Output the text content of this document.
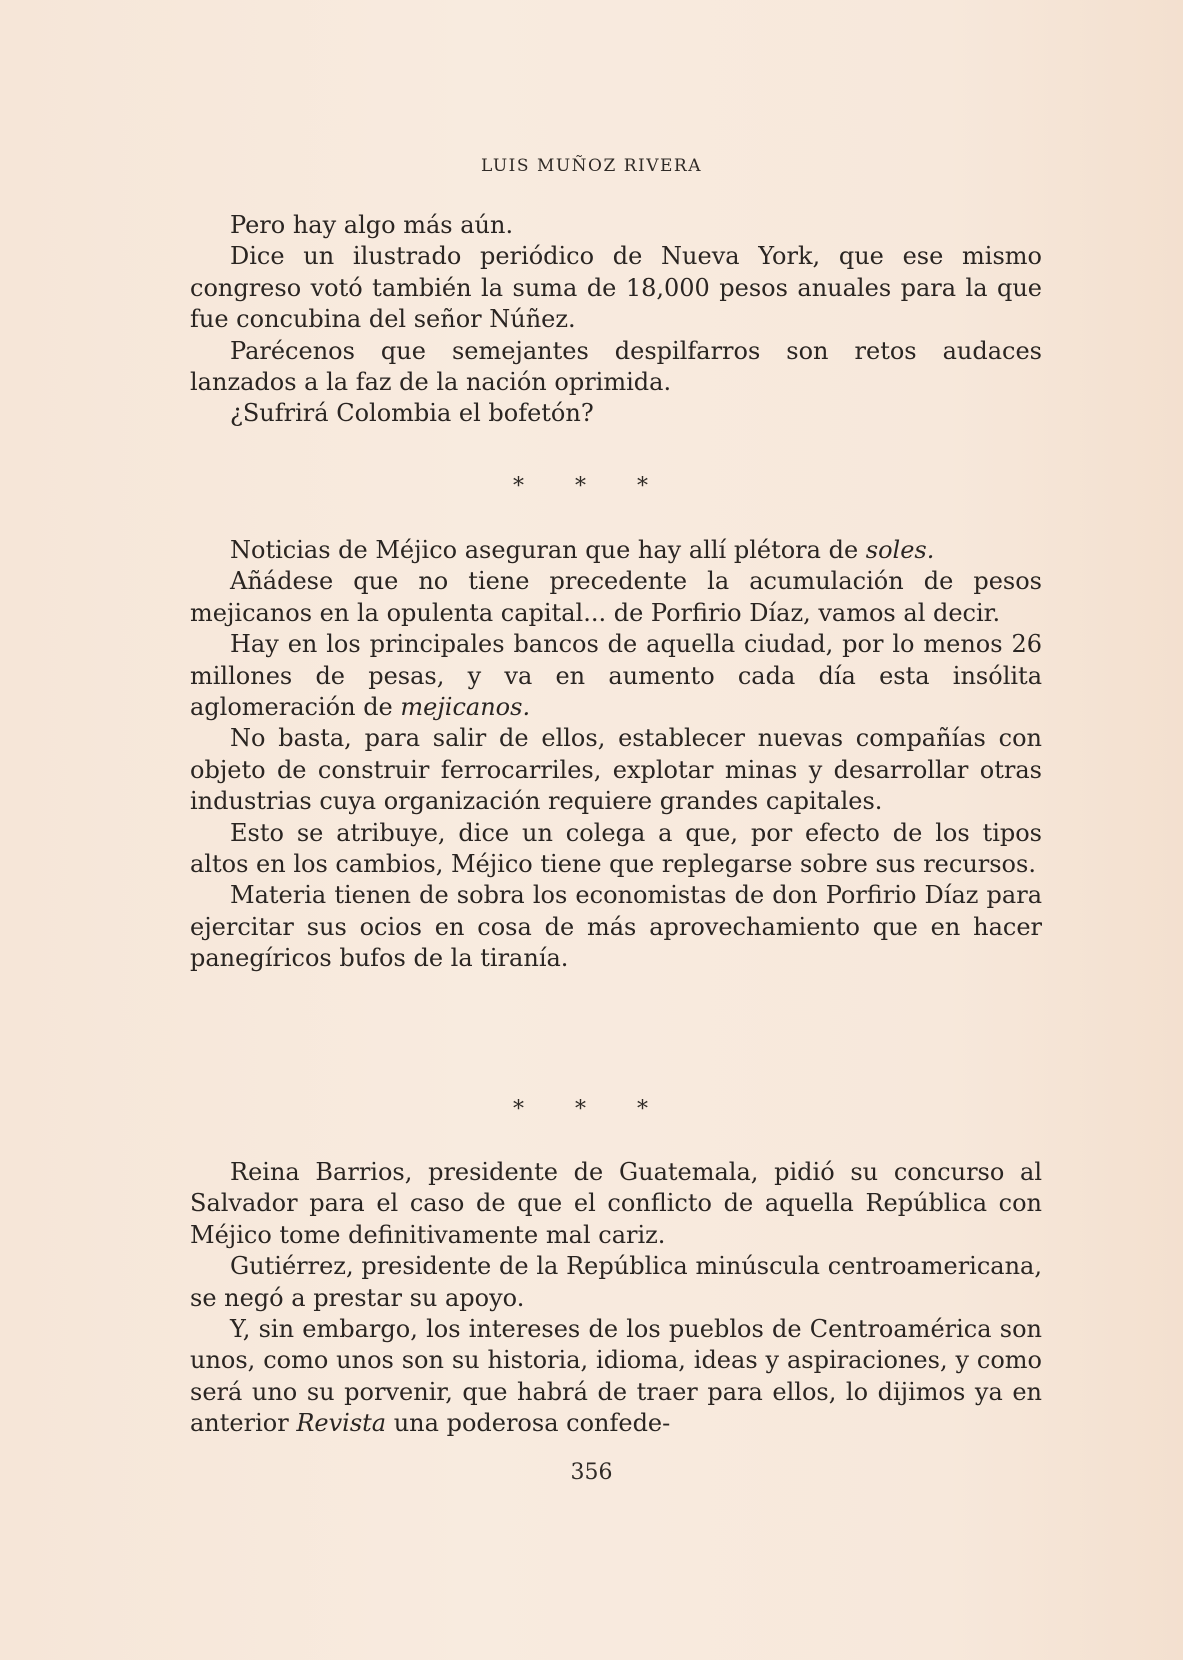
LUIS MUÑOZ RIVERA

Pero hay algo más aún.

Dice un ilustrado periódico de Nueva York, que ese mismo congreso votó también la suma de 18,000 pesos anuales para la que fue concubina del señor Núñez.

Parécenos que semejantes despilfarros son retos audaces lanzados a la faz de la nación oprimida.

¿Sufrirá Colombia el bofetón?

* * *

Noticias de Méjico aseguran que hay allí plétora de soles.

Añádese que no tiene precedente la acumulación de pesos mejicanos en la opulenta capital... de Porfirio Díaz, vamos al decir.

Hay en los principales bancos de aquella ciudad, por lo menos 26 millones de pesas, y va en aumento cada día esta insólita aglomeración de mejicanos.

No basta, para salir de ellos, establecer nuevas compañías con objeto de construir ferrocarriles, explotar minas y desarrollar otras industrias cuya organización requiere grandes capitales.

Esto se atribuye, dice un colega a que, por efecto de los tipos altos en los cambios, Méjico tiene que replegarse sobre sus recursos.

Materia tienen de sobra los economistas de don Porfirio Díaz para ejercitar sus ocios en cosa de más aprovechamiento que en hacer panegíricos bufos de la tiranía.

* * *

Reina Barrios, presidente de Guatemala, pidió su concurso al Salvador para el caso de que el conflicto de aquella República con Méjico tome definitivamente mal cariz.

Gutiérrez, presidente de la República minúscula centroamericana, se negó a prestar su apoyo.

Y, sin embargo, los intereses de los pueblos de Centroamérica son unos, como unos son su historia, idioma, ideas y aspiraciones, y como será uno su porvenir, que habrá de traer para ellos, lo dijimos ya en anterior Revista una poderosa confede-

356
